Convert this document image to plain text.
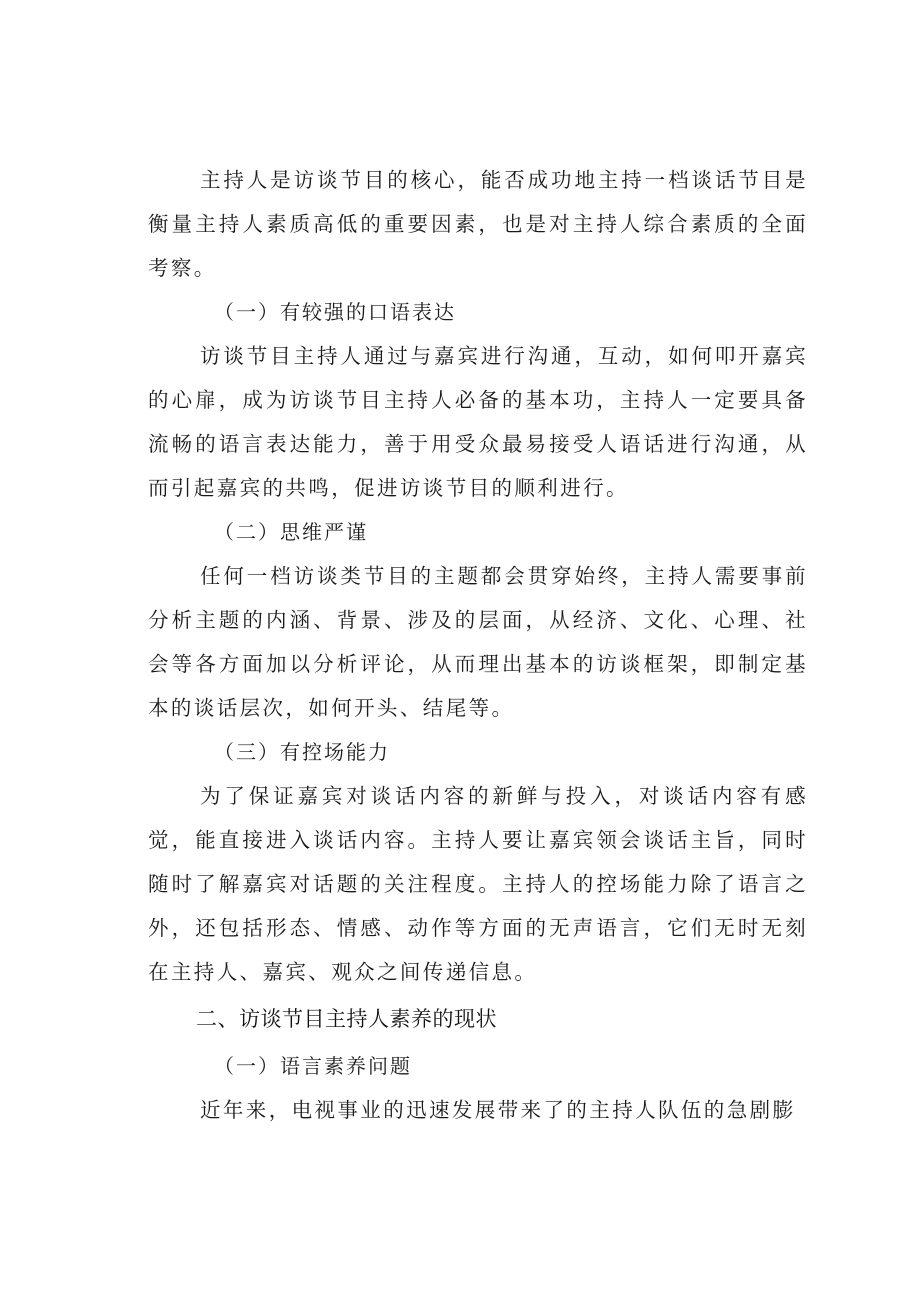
主持人是访谈节目的核心，能否成功地主持一档谈话节目是衡量主持人素质高低的重要因素，也是对主持人综合素质的全面考察。

（一）有较强的口语表达

访谈节目主持人通过与嘉宾进行沟通，互动，如何叩开嘉宾的心扉，成为访谈节目主持人必备的基本功，主持人一定要具备流畅的语言表达能力，善于用受众最易接受人语话进行沟通，从而引起嘉宾的共鸣，促进访谈节目的顺利进行。

（二）思维严谨

任何一档访谈类节目的主题都会贯穿始终，主持人需要事前分析主题的内涵、背景、涉及的层面，从经济、文化、心理、社会等各方面加以分析评论，从而理出基本的访谈框架，即制定基本的谈话层次，如何开头、结尾等。

（三）有控场能力

为了保证嘉宾对谈话内容的新鲜与投入，对谈话内容有感觉，能直接进入谈话内容。主持人要让嘉宾领会谈话主旨，同时随时了解嘉宾对话题的关注程度。主持人的控场能力除了语言之外，还包括形态、情感、动作等方面的无声语言，它们无时无刻在主持人、嘉宾、观众之间传递信息。

二、访谈节目主持人素养的现状

（一）语言素养问题

近年来，电视事业的迅速发展带来了的主持人队伍的急剧膨
